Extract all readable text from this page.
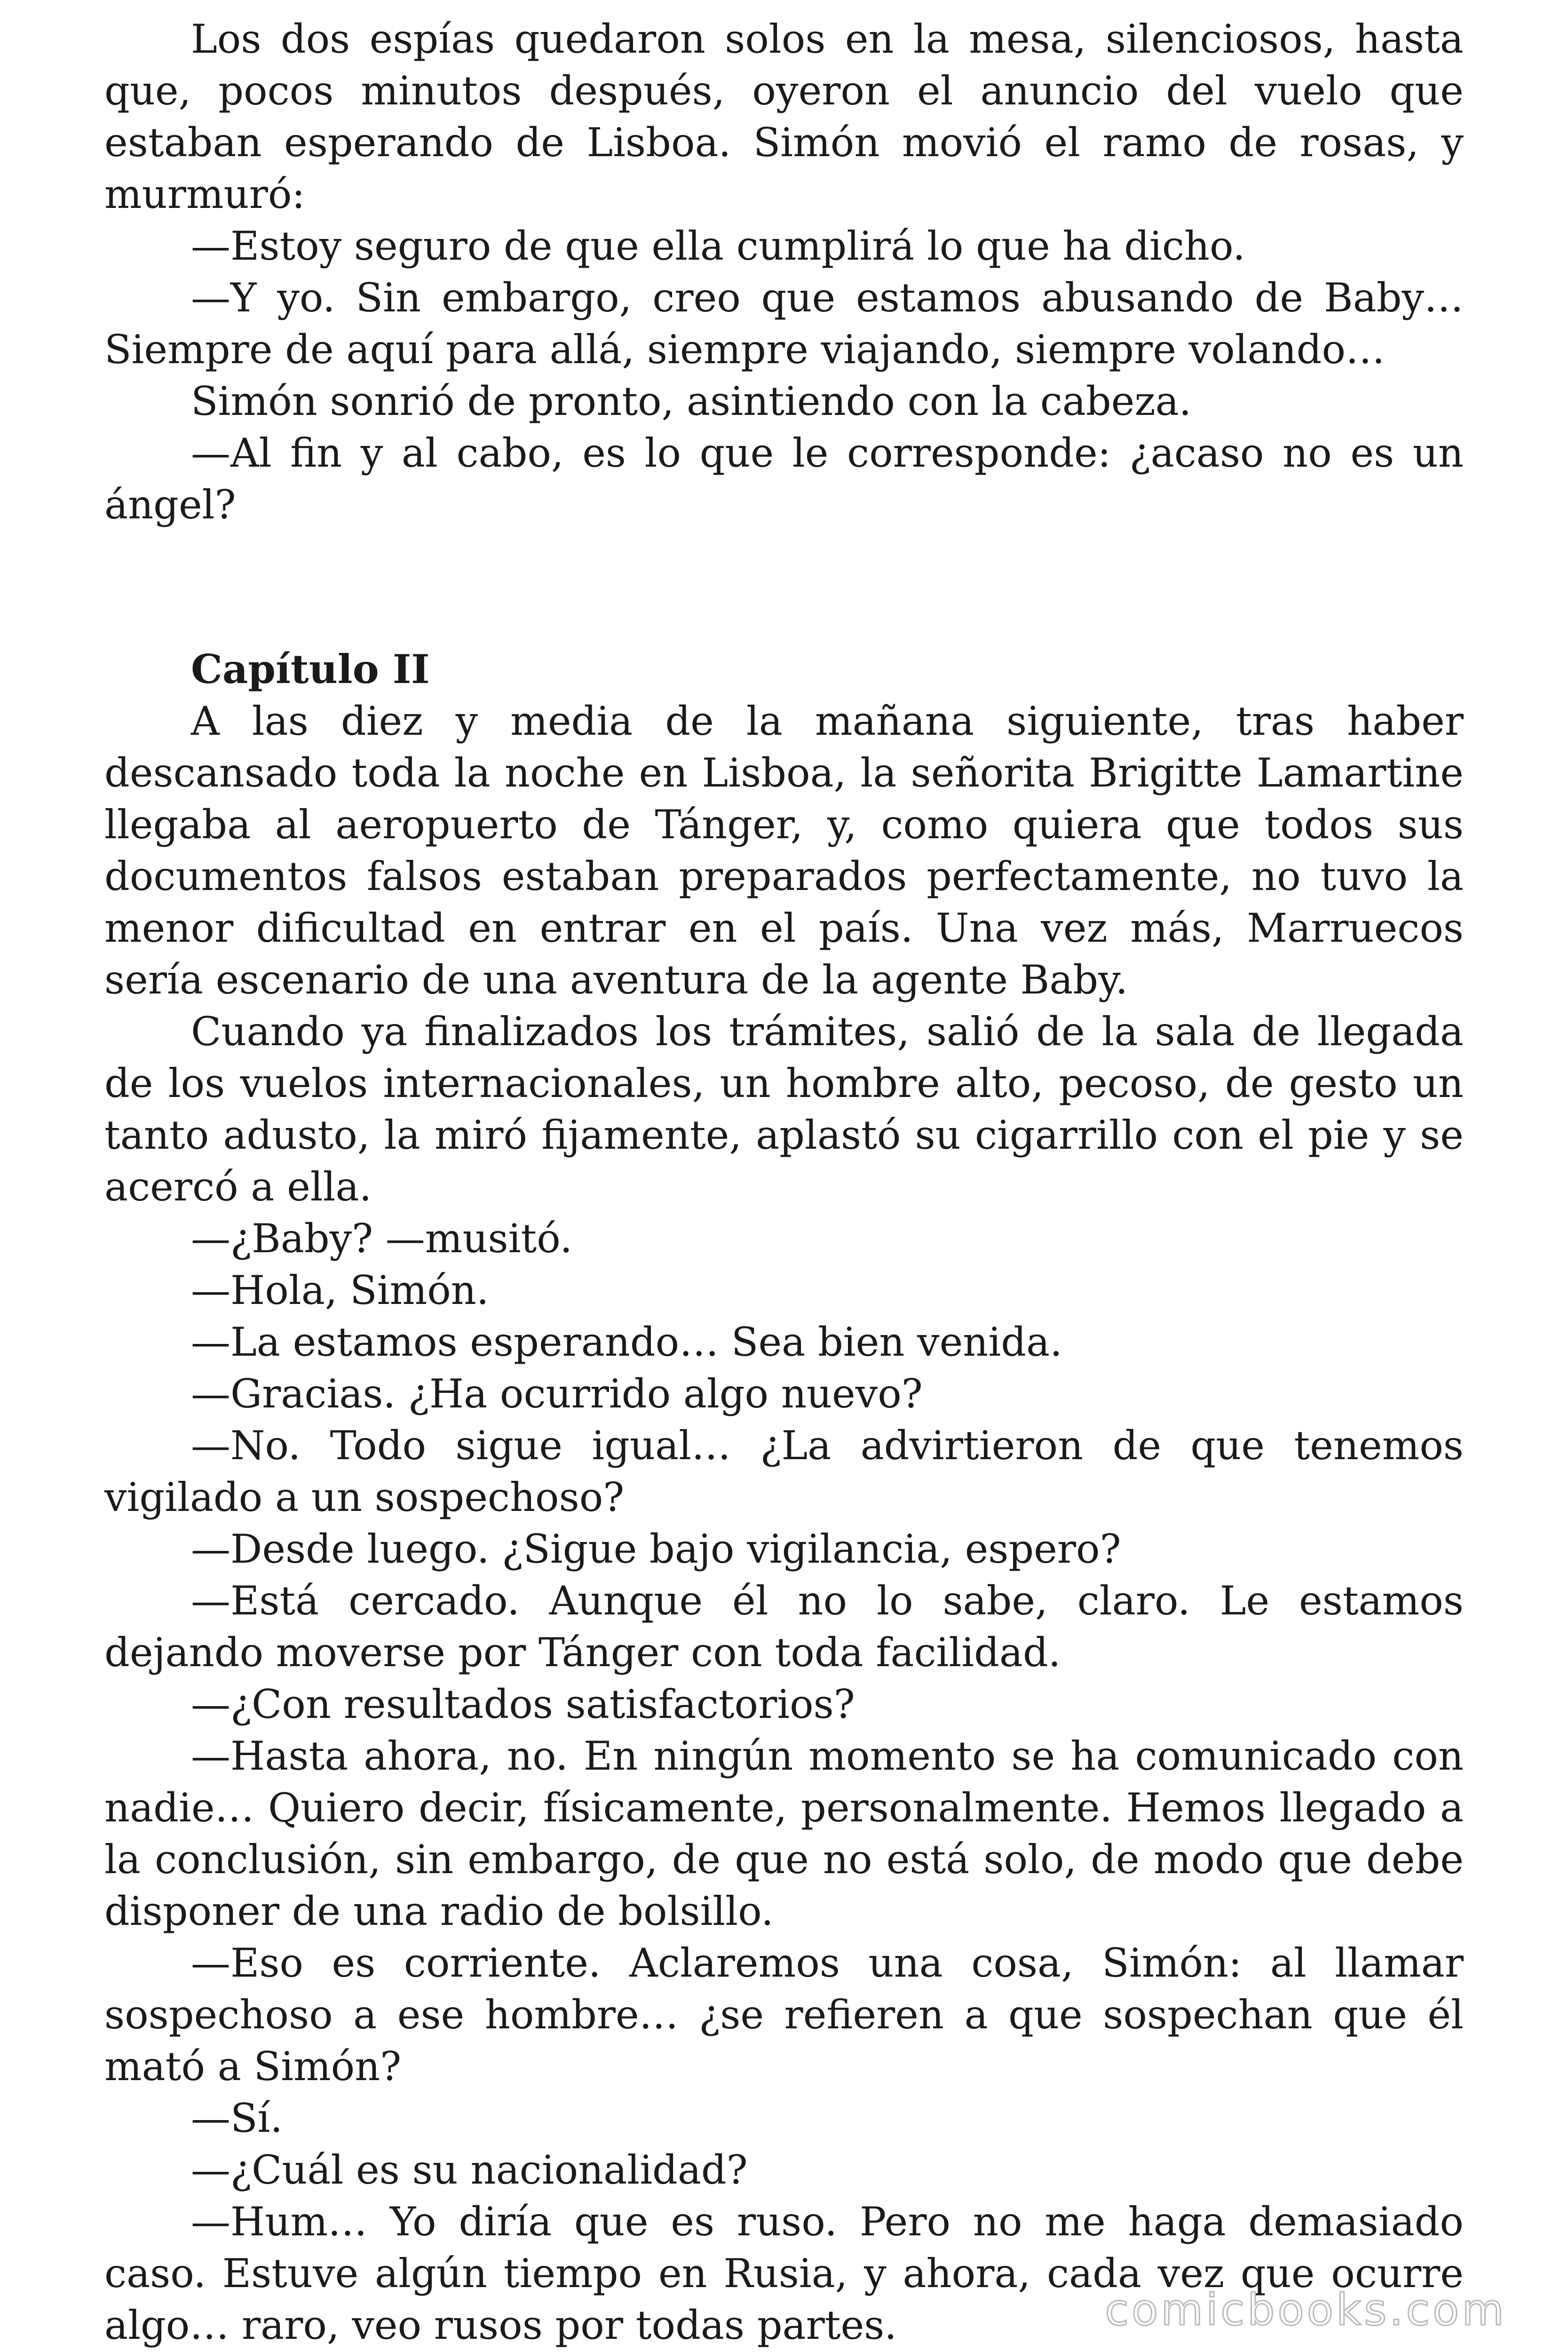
Los dos espías quedaron solos en la mesa, silenciosos, hasta que, pocos minutos después, oyeron el anuncio del vuelo que estaban esperando de Lisboa. Simón movió el ramo de rosas, y murmuró:

—Estoy seguro de que ella cumplirá lo que ha dicho.

—Y yo. Sin embargo, creo que estamos abusando de Baby… Siempre de aquí para allá, siempre viajando, siempre volando…

Simón sonrió de pronto, asintiendo con la cabeza.

—Al fin y al cabo, es lo que le corresponde: ¿acaso no es un ángel?

Capítulo II

A las diez y media de la mañana siguiente, tras haber descansado toda la noche en Lisboa, la señorita Brigitte Lamartine llegaba al aeropuerto de Tánger, y, como quiera que todos sus documentos falsos estaban preparados perfectamente, no tuvo la menor dificultad en entrar en el país. Una vez más, Marruecos sería escenario de una aventura de la agente Baby.

Cuando ya finalizados los trámites, salió de la sala de llegada de los vuelos internacionales, un hombre alto, pecoso, de gesto un tanto adusto, la miró fijamente, aplastó su cigarrillo con el pie y se acercó a ella.

—¿Baby? —musitó.

—Hola, Simón.

—La estamos esperando… Sea bien venida.

—Gracias. ¿Ha ocurrido algo nuevo?

—No. Todo sigue igual… ¿La advirtieron de que tenemos vigilado a un sospechoso?

—Desde luego. ¿Sigue bajo vigilancia, espero?

—Está cercado. Aunque él no lo sabe, claro. Le estamos dejando moverse por Tánger con toda facilidad.

—¿Con resultados satisfactorios?

—Hasta ahora, no. En ningún momento se ha comunicado con nadie… Quiero decir, físicamente, personalmente. Hemos llegado a la conclusión, sin embargo, de que no está solo, de modo que debe disponer de una radio de bolsillo.

—Eso es corriente. Aclaremos una cosa, Simón: al llamar sospechoso a ese hombre… ¿se refieren a que sospechan que él mató a Simón?

—Sí.

—¿Cuál es su nacionalidad?

—Hum… Yo diría que es ruso. Pero no me haga demasiado caso. Estuve algún tiempo en Rusia, y ahora, cada vez que ocurre algo… raro, veo rusos por todas partes.	comicbooks.com
